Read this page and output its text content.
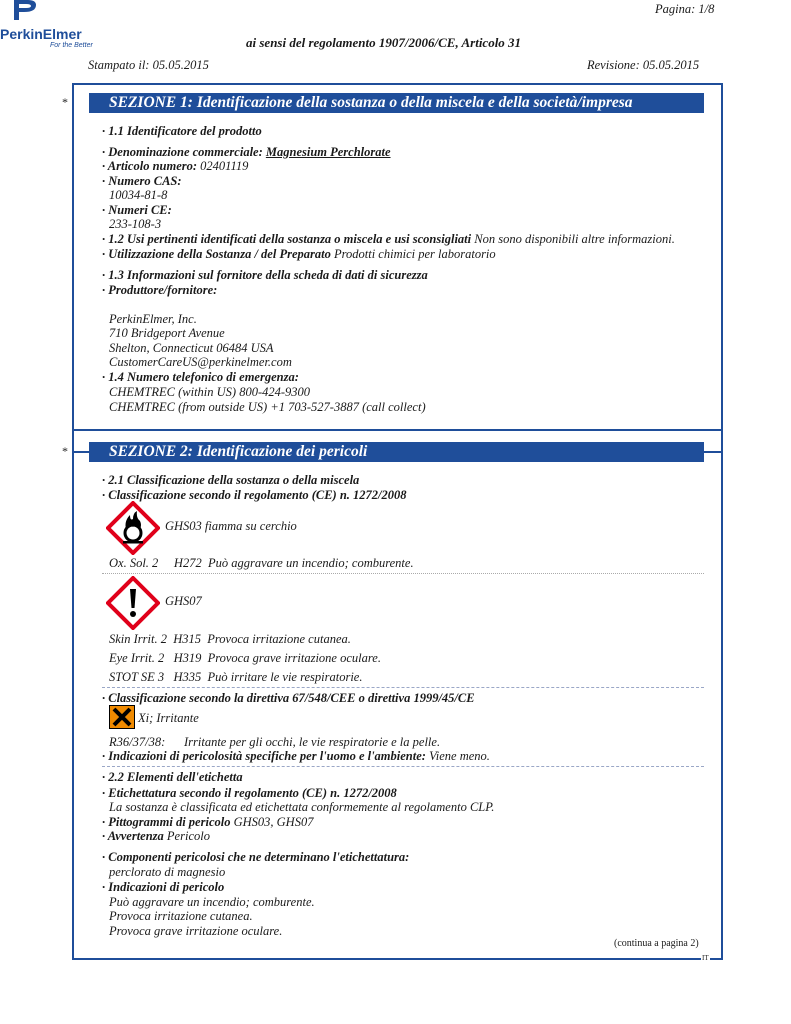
PerkinElmer
For the Better
Pagina: 1/8
ai sensi del regolamento 1907/2006/CE, Articolo 31
Stampato il: 05.05.2015	Revisione: 05.05.2015
*	SEZIONE 1: Identificazione della sostanza o della miscela e della società/impresa
· 1.1 Identificatore del prodotto
· Denominazione commerciale: Magnesium Perchlorate
· Articolo numero: 02401119
· Numero CAS:
10034-81-8
· Numeri CE:
233-108-3
· 1.2 Usi pertinenti identificati della sostanza o miscela e usi sconsigliati Non sono disponibili altre informazioni.
· Utilizzazione della Sostanza / del Preparato Prodotti chimici per laboratorio
· 1.3 Informazioni sul fornitore della scheda di dati di sicurezza
· Produttore/fornitore:
PerkinElmer, Inc.
710 Bridgeport Avenue
Shelton, Connecticut 06484 USA
CustomerCareUS@perkinelmer.com
· 1.4 Numero telefonico di emergenza:
CHEMTREC (within US) 800-424-9300
CHEMTREC (from outside US) +1 703-527-3887 (call collect)
*	SEZIONE 2: Identificazione dei pericoli
· 2.1 Classificazione della sostanza o della miscela
· Classificazione secondo il regolamento (CE) n. 1272/2008
GHS03 fiamma su cerchio
Ox. Sol. 2     H272  Può aggravare un incendio; comburente.
GHS07
Skin Irrit. 2  H315  Provoca irritazione cutanea.
Eye Irrit. 2   H319  Provoca grave irritazione oculare.
STOT SE 3   H335  Può irritare le vie respiratorie.
· Classificazione secondo la direttiva 67/548/CEE o direttiva 1999/45/CE
Xi; Irritante
R36/37/38:      Irritante per gli occhi, le vie respiratorie e la pelle.
· Indicazioni di pericolosità specifiche per l'uomo e l'ambiente: Viene meno.
· 2.2 Elementi dell'etichetta
· Etichettatura secondo il regolamento (CE) n. 1272/2008
La sostanza è classificata ed etichettata conformemente al regolamento CLP.
· Pittogrammi di pericolo GHS03, GHS07
· Avvertenza Pericolo
· Componenti pericolosi che ne determinano l'etichettatura:
perclorato di magnesio
· Indicazioni di pericolo
Può aggravare un incendio; comburente.
Provoca irritazione cutanea.
Provoca grave irritazione oculare.
(continua a pagina 2)
IT
